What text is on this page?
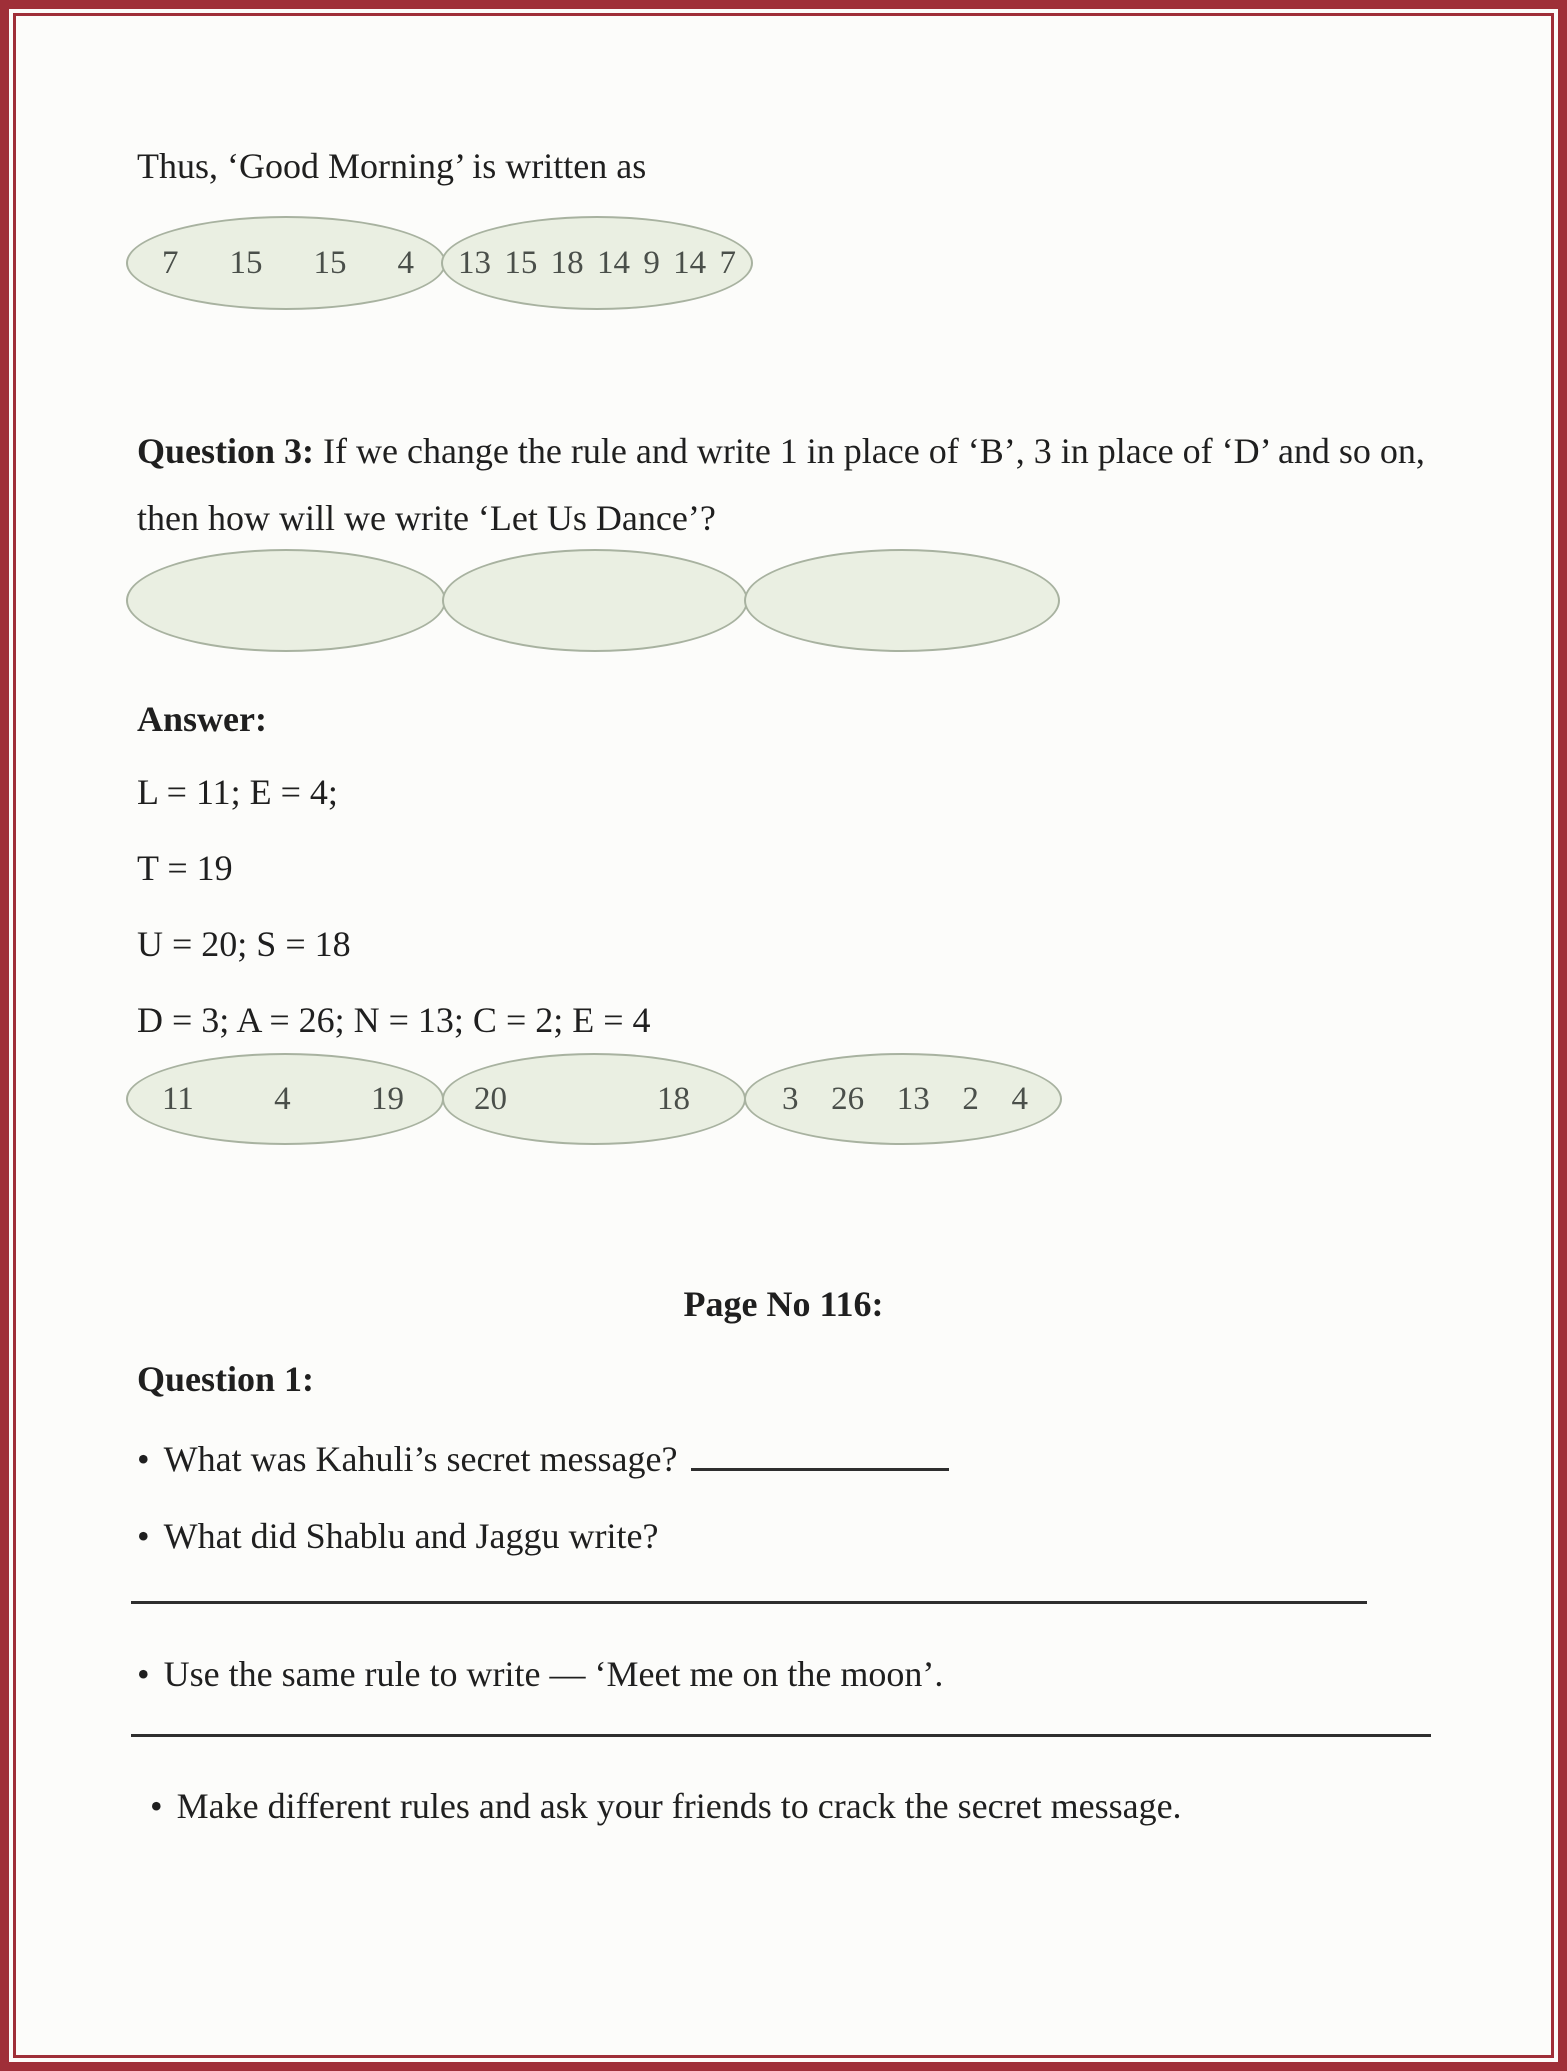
Thus, ‘Good Morning’ is written as
7 15 15 4 13 15 18 14 9 14 7
Question 3: If we change the rule and write 1 in place of ‘B’, 3 in place of ‘D’ and so on, then how will we write ‘Let Us Dance’?
Answer:
L = 11; E = 4;
T = 19
U = 20; S = 18
D = 3; A = 26; N = 13; C = 2; E = 4
11 4 19 20	18	3 26 13 2 4
Page No 116:
Question 1:
• What was Kahuli’s secret message?
• What did Shablu and Jaggu write?
• Use the same rule to write — ‘Meet me on the moon’.
• Make different rules and ask your friends to crack the secret message.
